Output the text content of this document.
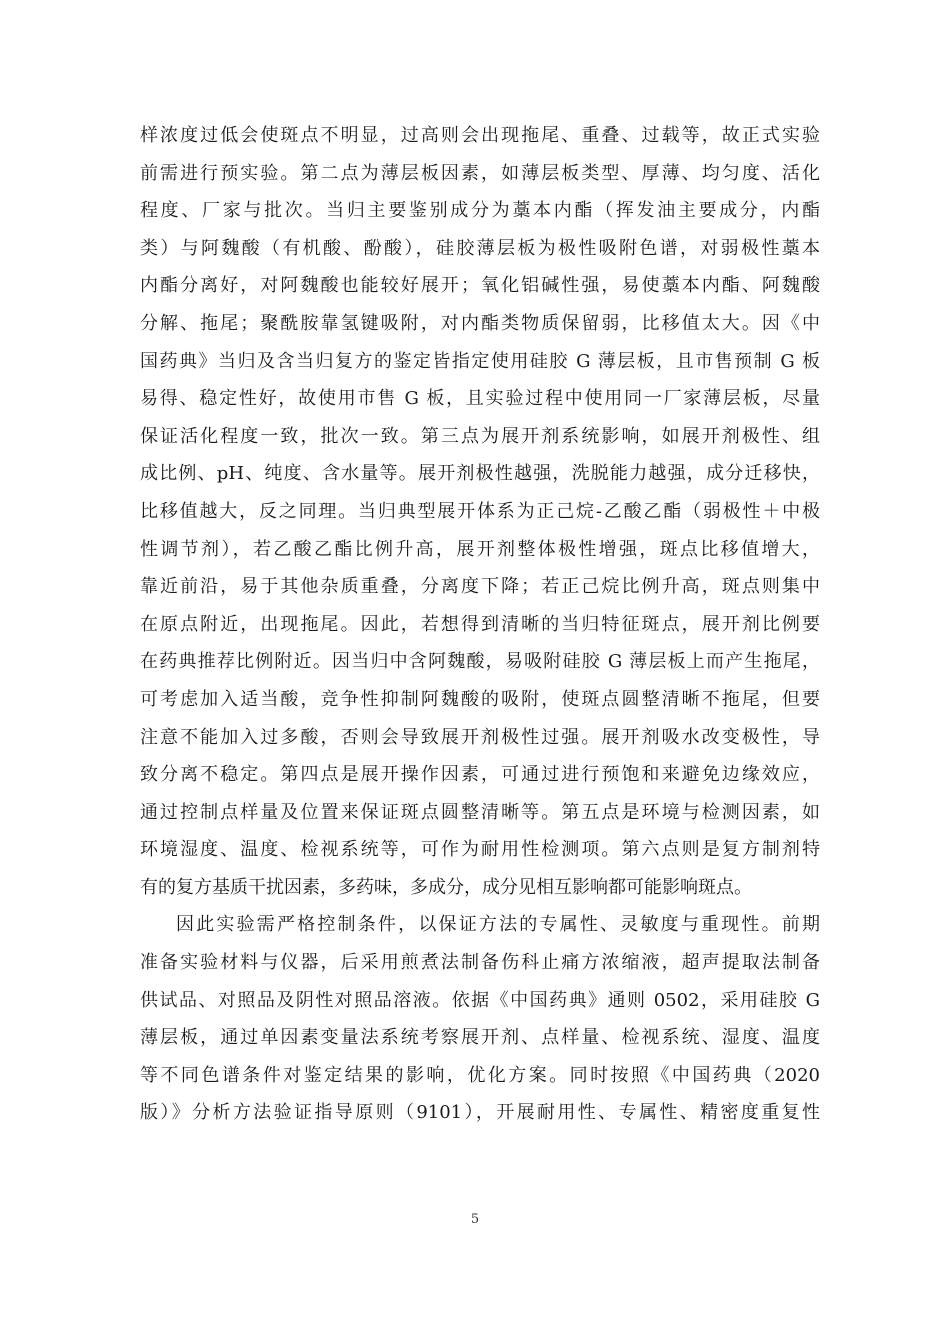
样浓度过低会使斑点不明显，过高则会出现拖尾、重叠、过载等，故正式实验
前需进行预实验。第二点为薄层板因素，如薄层板类型、厚薄、均匀度、活化
程度、厂家与批次。当归主要鉴别成分为藁本内酯（挥发油主要成分，内酯
类）与阿魏酸（有机酸、酚酸），硅胶薄层板为极性吸附色谱，对弱极性藁本
内酯分离好，对阿魏酸也能较好展开；氧化铝碱性强，易使藁本内酯、阿魏酸
分解、拖尾；聚酰胺靠氢键吸附，对内酯类物质保留弱，比移值太大。因《中
国药典》当归及含当归复方的鉴定皆指定使用硅胶 G 薄层板，且市售预制 G 板
易得、稳定性好，故使用市售 G 板，且实验过程中使用同一厂家薄层板，尽量
保证活化程度一致，批次一致。第三点为展开剂系统影响，如展开剂极性、组
成比例、pH、纯度、含水量等。展开剂极性越强，洗脱能力越强，成分迁移快，
比移值越大，反之同理。当归典型展开体系为正己烷-乙酸乙酯（弱极性＋中极
性调节剂），若乙酸乙酯比例升高，展开剂整体极性增强，斑点比移值增大，
靠近前沿，易于其他杂质重叠，分离度下降；若正己烷比例升高，斑点则集中
在原点附近，出现拖尾。因此，若想得到清晰的当归特征斑点，展开剂比例要
在药典推荐比例附近。因当归中含阿魏酸，易吸附硅胶 G 薄层板上而产生拖尾，
可考虑加入适当酸，竞争性抑制阿魏酸的吸附，使斑点圆整清晰不拖尾，但要
注意不能加入过多酸，否则会导致展开剂极性过强。展开剂吸水改变极性，导
致分离不稳定。第四点是展开操作因素，可通过进行预饱和来避免边缘效应，
通过控制点样量及位置来保证斑点圆整清晰等。第五点是环境与检测因素，如
环境湿度、温度、检视系统等，可作为耐用性检测项。第六点则是复方制剂特
有的复方基质干扰因素，多药味，多成分，成分见相互影响都可能影响斑点。
因此实验需严格控制条件，以保证方法的专属性、灵敏度与重现性。前期
准备实验材料与仪器，后采用煎煮法制备伤科止痛方浓缩液，超声提取法制备
供试品、对照品及阴性对照品溶液。依据《中国药典》通则 0502，采用硅胶 G
薄层板，通过单因素变量法系统考察展开剂、点样量、检视系统、湿度、温度
等不同色谱条件对鉴定结果的影响，优化方案。同时按照《中国药典（2020
版）》分析方法验证指导原则（9101），开展耐用性、专属性、精密度重复性
5
